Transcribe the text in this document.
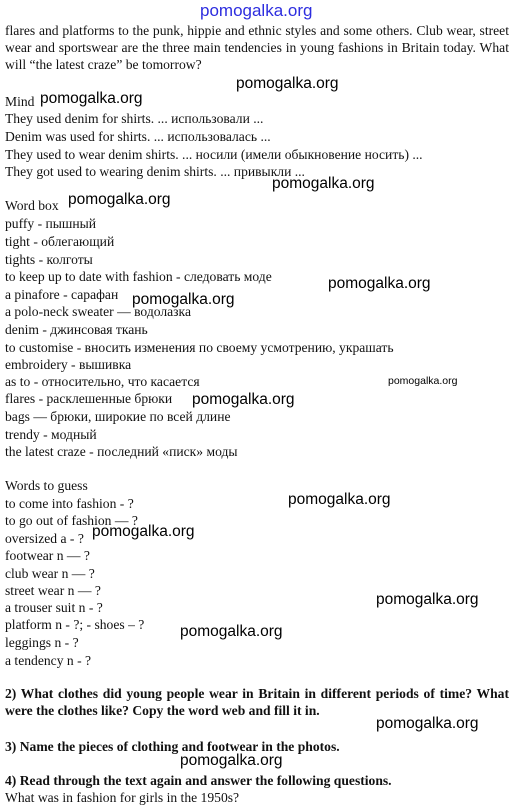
pomogalka.org
pomogalka.org
pomogalka.org
pomogalka.org
pomogalka.org
pomogalka.org
pomogalka.org
pomogalka.org
pomogalka.org
pomogalka.org
pomogalka.org
pomogalka.org
pomogalka.org
pomogalka.org
pomogalka.org
flares and platforms to the punk, hippie and ethnic styles and some others. Club wear, street wear and sportswear are the three main tendencies in young fashions in Britain today. What will “the latest craze” be tomorrow?
Mind
They used denim for shirts. ... использовали ...
Denim was used for shirts. ... использовалась ...
They used to wear denim shirts. ... носили (имели обыкновение носить) ...
They got used to wearing denim shirts. ... привыкли ...
Word box
puffy - пышный
tight - облегающий
tights - колготы
to keep up to date with fashion - следовать моде
a pinafore - сарафан
a polo-neck sweater — водолазка
denim - джинсовая ткань
to customise - вносить изменения по своему усмотрению, украшать
embroidery - вышивка
as to - относительно, что касается
flares - расклешенные брюки
bags — брюки, широкие по всей длине
trendy - модный
the latest craze - последний «писк» моды
Words to guess
to come into fashion - ?
to go out of fashion — ?
oversized a - ?
footwear n — ?
club wear n — ?
street wear n — ?
a trouser suit n - ?
platform n - ?; - shoes – ?
leggings n - ?
a tendency n - ?
2) What clothes did young people wear in Britain in different periods of time? What were the clothes like? Copy the word web and fill it in.
3) Name the pieces of clothing and footwear in the photos.
4) Read through the text again and answer the following questions.
What was in fashion for girls in the 1950s?
